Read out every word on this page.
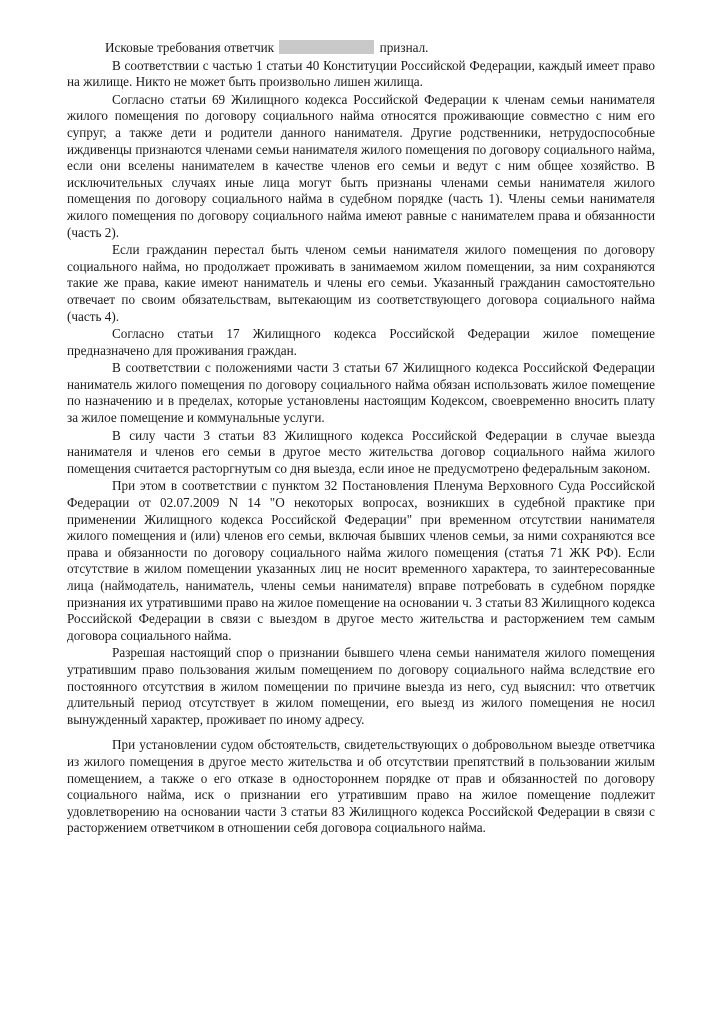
Исковые требования ответчик	признал.

В соответствии с частью 1 статьи 40 Конституции Российской Федерации, каждый имеет право на жилище. Никто не может быть произвольно лишен жилища.

Согласно статьи 69 Жилищного кодекса Российской Федерации к членам семьи нанимателя жилого помещения по договору социального найма относятся проживающие совместно с ним его супруг, а также дети и родители данного нанимателя. Другие родственники, нетрудоспособные иждивенцы признаются членами семьи нанимателя жилого помещения по договору социального найма, если они вселены нанимателем в качестве членов его семьи и ведут с ним общее хозяйство. В исключительных случаях иные лица могут быть признаны членами семьи нанимателя жилого помещения по договору социального найма в судебном порядке (часть 1). Члены семьи нанимателя жилого помещения по договору социального найма имеют равные с нанимателем права и обязанности (часть 2).

Если гражданин перестал быть членом семьи нанимателя жилого помещения по договору социального найма, но продолжает проживать в занимаемом жилом помещении, за ним сохраняются такие же права, какие имеют наниматель и члены его семьи. Указанный гражданин самостоятельно отвечает по своим обязательствам, вытекающим из соответствующего договора социального найма (часть 4).

Согласно статьи 17 Жилищного кодекса Российской Федерации жилое помещение предназначено для проживания граждан.

В соответствии с положениями части 3 статьи 67 Жилищного кодекса Российской Федерации наниматель жилого помещения по договору социального найма обязан использовать жилое помещение по назначению и в пределах, которые установлены настоящим Кодексом, своевременно вносить плату за жилое помещение и коммунальные услуги.

В силу части 3 статьи 83 Жилищного кодекса Российской Федерации в случае выезда нанимателя и членов его семьи в другое место жительства договор социального найма жилого помещения считается расторгнутым со дня выезда, если иное не предусмотрено федеральным законом.

При этом в соответствии с пунктом 32 Постановления Пленума Верховного Суда Российской Федерации от 02.07.2009 N 14 "О некоторых вопросах, возникших в судебной практике при применении Жилищного кодекса Российской Федерации" при временном отсутствии нанимателя жилого помещения и (или) членов его семьи, включая бывших членов семьи, за ними сохраняются все права и обязанности по договору социального найма жилого помещения (статья 71 ЖК РФ). Если отсутствие в жилом помещении указанных лиц не носит временного характера, то заинтересованные лица (наймодатель, наниматель, члены семьи нанимателя) вправе потребовать в судебном порядке признания их утратившими право на жилое помещение на основании ч. 3 статьи 83 Жилищного кодекса Российской Федерации в связи с выездом в другое место жительства и расторжением тем самым договора социального найма.

Разрешая настоящий спор о признании бывшего члена семьи нанимателя жилого помещения утратившим право пользования жилым помещением по договору социального найма вследствие его постоянного отсутствия в жилом помещении по причине выезда из него, суд выяснил: что ответчик длительный период отсутствует в жилом помещении, его выезд из жилого помещения не носил вынужденный характер, проживает по иному адресу.

При установлении судом обстоятельств, свидетельствующих о добровольном выезде ответчика из жилого помещения в другое место жительства и об отсутствии препятствий в пользовании жилым помещением, а также о его отказе в одностороннем порядке от прав и обязанностей по договору социального найма, иск о признании его утратившим право на жилое помещение подлежит удовлетворению на основании части 3 статьи 83 Жилищного кодекса Российской Федерации в связи с расторжением ответчиком в отношении себя договора социального найма.
